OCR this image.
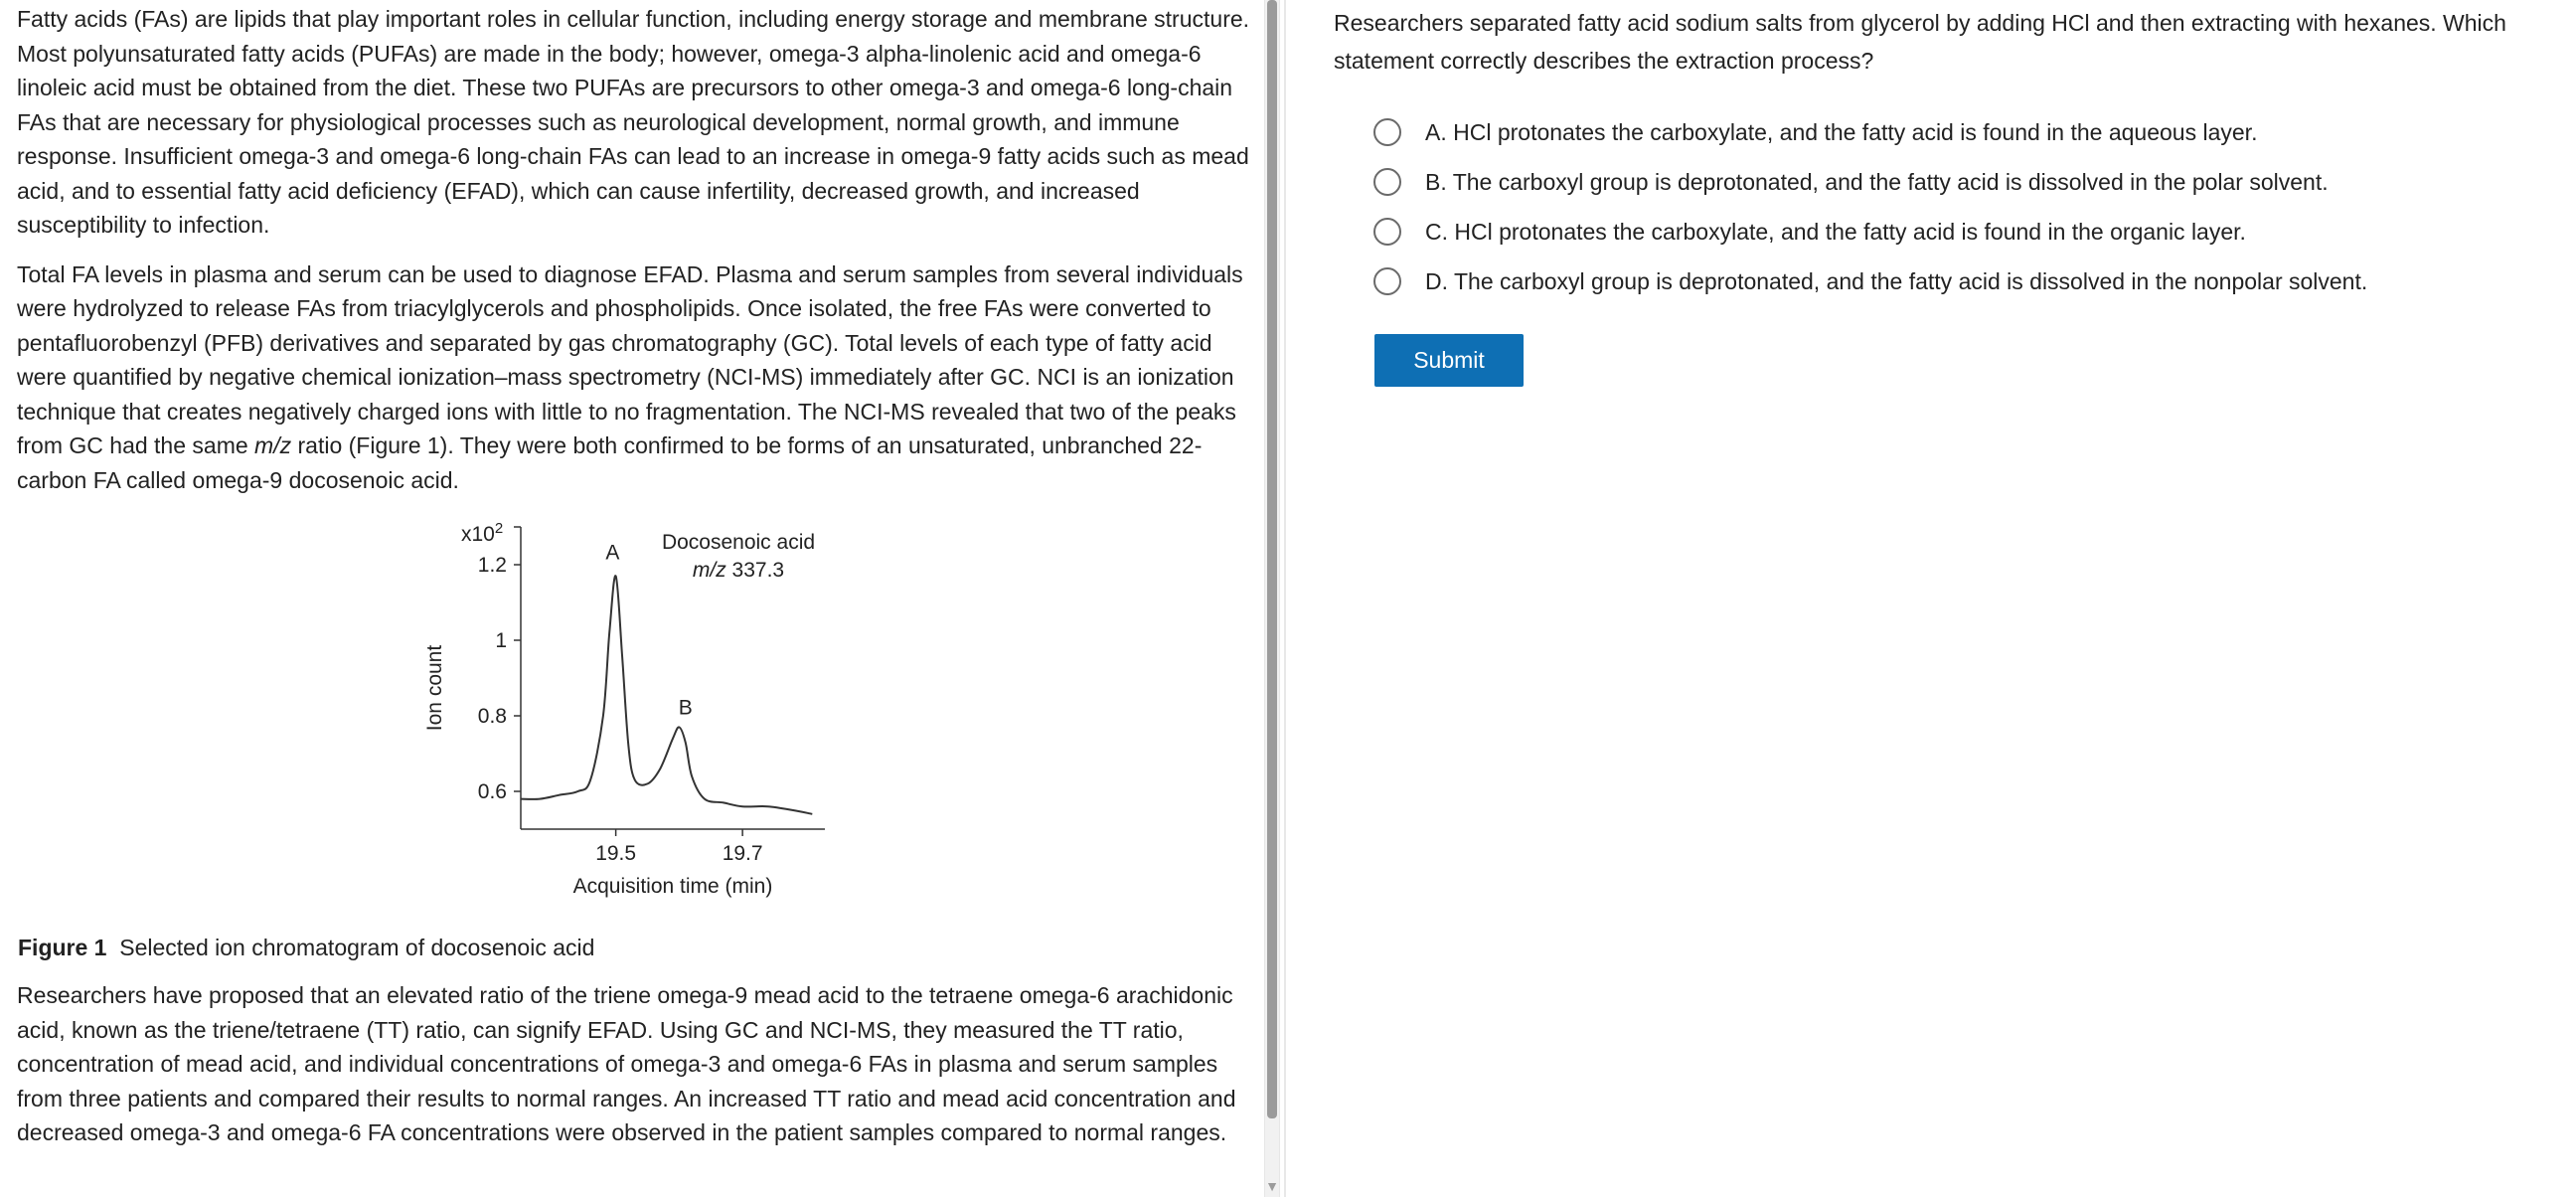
Fatty acids (FAs) are lipids that play important roles in cellular function, including energy storage and membrane structure. Most polyunsaturated fatty acids (PUFAs) are made in the body; however, omega-3 alpha-linolenic acid and omega-6 linoleic acid must be obtained from the diet. These two PUFAs are precursors to other omega-3 and omega-6 long-chain FAs that are necessary for physiological processes such as neurological development, normal growth, and immune response. Insufficient omega-3 and omega-6 long-chain FAs can lead to an increase in omega-9 fatty acids such as mead acid, and to essential fatty acid deficiency (EFAD), which can cause infertility, decreased growth, and increased susceptibility to infection.

Total FA levels in plasma and serum can be used to diagnose EFAD. Plasma and serum samples from several individuals were hydrolyzed to release FAs from triacylglycerols and phospholipids. Once isolated, the free FAs were converted to pentafluorobenzyl (PFB) derivatives and separated by gas chromatography (GC). Total levels of each type of fatty acid were quantified by negative chemical ionization–mass spectrometry (NCI-MS) immediately after GC. NCI is an ionization technique that creates negatively charged ions with little to no fragmentation. The NCI-MS revealed that two of the peaks from GC had the same m/z ratio (Figure 1). They were both confirmed to be forms of an unsaturated, unbranched 22-carbon FA called omega-9 docosenoic acid.

0.6
0.8
1
1.2
19.5	19.7
$x10^2$
Acquisition time (min)
Ion count
Docosenoic acid
m/z 337.3
A
B
Figure 1 Selected ion chromatogram of docosenoic acid

Researchers have proposed that an elevated ratio of the triene omega-9 mead acid to the tetraene omega-6 arachidonic acid, known as the triene/tetraene (TT) ratio, can signify EFAD. Using GC and NCI-MS, they measured the TT ratio, concentration of mead acid, and individual concentrations of omega-3 and omega-6 FAs in plasma and serum samples from three patients and compared their results to normal ranges. An increased TT ratio and mead acid concentration and decreased omega-3 and omega-6 FA concentrations were observed in the patient samples compared to normal ranges.

▼

Researchers separated fatty acid sodium salts from glycerol by adding HCl and then extracting with hexanes. Which statement correctly describes the extraction process?

A. HCl protonates the carboxylate, and the fatty acid is found in the aqueous layer.
B. The carboxyl group is deprotonated, and the fatty acid is dissolved in the polar solvent.
C. HCl protonates the carboxylate, and the fatty acid is found in the organic layer.
D. The carboxyl group is deprotonated, and the fatty acid is dissolved in the nonpolar solvent.
Submit
